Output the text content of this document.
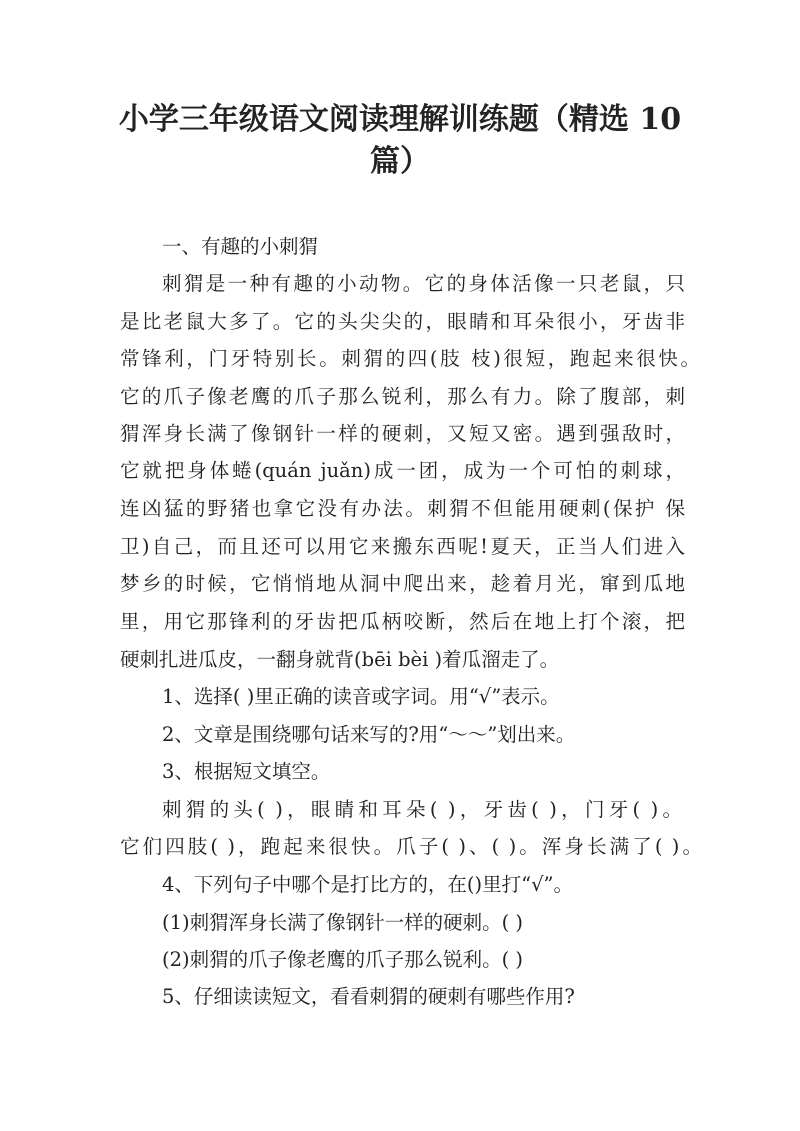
小学三年级语文阅读理解训练题（精选 10
篇）
一、有趣的小刺猬
刺猬是一种有趣的小动物。它的身体活像一只老鼠，只
是比老鼠大多了。它的头尖尖的，眼睛和耳朵很小，牙齿非
常锋利，门牙特别长。刺猬的四(肢 枝)很短，跑起来很快。
它的爪子像老鹰的爪子那么锐利，那么有力。除了腹部，刺
猬浑身长满了像钢针一样的硬刺，又短又密。遇到强敌时，
它就把身体蜷(quán juǎn)成一团，成为一个可怕的刺球，
连凶猛的野猪也拿它没有办法。刺猬不但能用硬刺(保护 保
卫)自己，而且还可以用它来搬东西呢!夏天，正当人们进入
梦乡的时候，它悄悄地从洞中爬出来，趁着月光，窜到瓜地
里，用它那锋利的牙齿把瓜柄咬断，然后在地上打个滚，把
硬刺扎进瓜皮，一翻身就背(bēi bèi )着瓜溜走了。
1、选择( )里正确的读音或字词。用“√”表示。
2、文章是围绕哪句话来写的?用“～～”划出来。
3、根据短文填空。
刺猬的头( )，眼睛和耳朵( )，牙齿( )，门牙( )。
它们四肢( )，跑起来很快。爪子( )、( )。浑身长满了( )。
4、下列句子中哪个是打比方的，在()里打“√”。
(1)刺猬浑身长满了像钢针一样的硬刺。( )
(2)刺猬的爪子像老鹰的爪子那么锐利。( )
5、仔细读读短文，看看刺猬的硬刺有哪些作用?
